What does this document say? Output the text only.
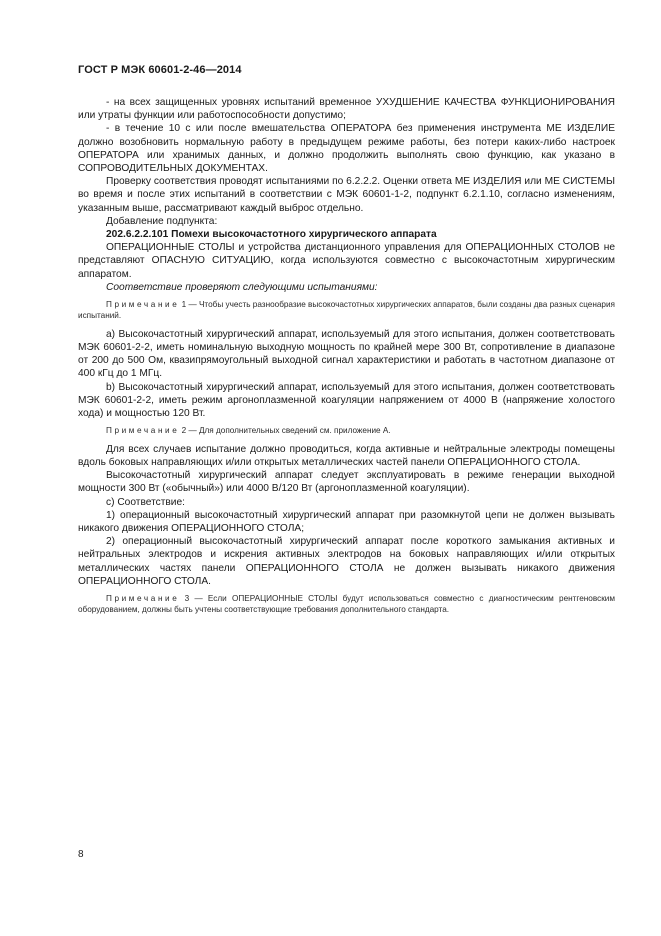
ГОСТ Р МЭК 60601-2-46—2014

- на всех защищенных уровнях испытаний временное УХУДШЕНИЕ КАЧЕСТВА ФУНКЦИОНИРОВАНИЯ или утраты функции или работоспособности допустимо;

- в течение 10 с или после вмешательства ОПЕРАТОРА без применения инструмента МЕ ИЗДЕЛИЕ должно возобновить нормальную работу в предыдущем режиме работы, без потери каких-либо настроек ОПЕРАТОРА или хранимых данных, и должно продолжить выполнять свою функцию, как указано в СОПРОВОДИТЕЛЬНЫХ ДОКУМЕНТАХ.

Проверку соответствия проводят испытаниями по 6.2.2.2. Оценки ответа МЕ ИЗДЕЛИЯ или МЕ СИСТЕМЫ во время и после этих испытаний в соответствии с МЭК 60601-1-2, подпункт 6.2.1.10, согласно изменениям, указанным выше, рассматривают каждый выброс отдельно.

Добавление подпункта:

202.6.2.2.101 Помехи высокочастотного хирургического аппарата

ОПЕРАЦИОННЫЕ СТОЛЫ и устройства дистанционного управления для ОПЕРАЦИОННЫХ СТОЛОВ не представляют ОПАСНУЮ СИТУАЦИЮ, когда используются совместно с высокочастотным хирургическим аппаратом.

Соответствие проверяют следующими испытаниями:

Примечание 1 — Чтобы учесть разнообразие высокочастотных хирургических аппаратов, были созданы два разных сценария испытаний.

a) Высокочастотный хирургический аппарат, используемый для этого испытания, должен соответствовать МЭК 60601-2-2, иметь номинальную выходную мощность по крайней мере 300 Вт, сопротивление в диапазоне от 200 до 500 Ом, квазипрямоугольный выходной сигнал характеристики и работать в частотном диапазоне от 400 кГц до 1 МГц.

b) Высокочастотный хирургический аппарат, используемый для этого испытания, должен соответствовать МЭК 60601-2-2, иметь режим аргоноплазменной коагуляции напряжением от 4000 В (напряжение холостого хода) и мощностью 120 Вт.

Примечание 2 — Для дополнительных сведений см. приложение А.

Для всех случаев испытание должно проводиться, когда активные и нейтральные электроды помещены вдоль боковых направляющих и/или открытых металлических частей панели ОПЕРАЦИОННОГО СТОЛА.

Высокочастотный хирургический аппарат следует эксплуатировать в режиме генерации выходной мощности 300 Вт («обычный») или 4000 В/120 Вт (аргоноплазменной коагуляции).

c) Соответствие:

1) операционный высокочастотный хирургический аппарат при разомкнутой цепи не должен вызывать никакого движения ОПЕРАЦИОННОГО СТОЛА;

2) операционный высокочастотный хирургический аппарат после короткого замыкания активных и нейтральных электродов и искрения активных электродов на боковых направляющих и/или открытых металлических частях панели ОПЕРАЦИОННОГО СТОЛА не должен вызывать никакого движения ОПЕРАЦИОННОГО СТОЛА.

Примечание 3 — Если ОПЕРАЦИОННЫЕ СТОЛЫ будут использоваться совместно с диагностическим рентгеновским оборудованием, должны быть учтены соответствующие требования дополнительного стандарта.

8
